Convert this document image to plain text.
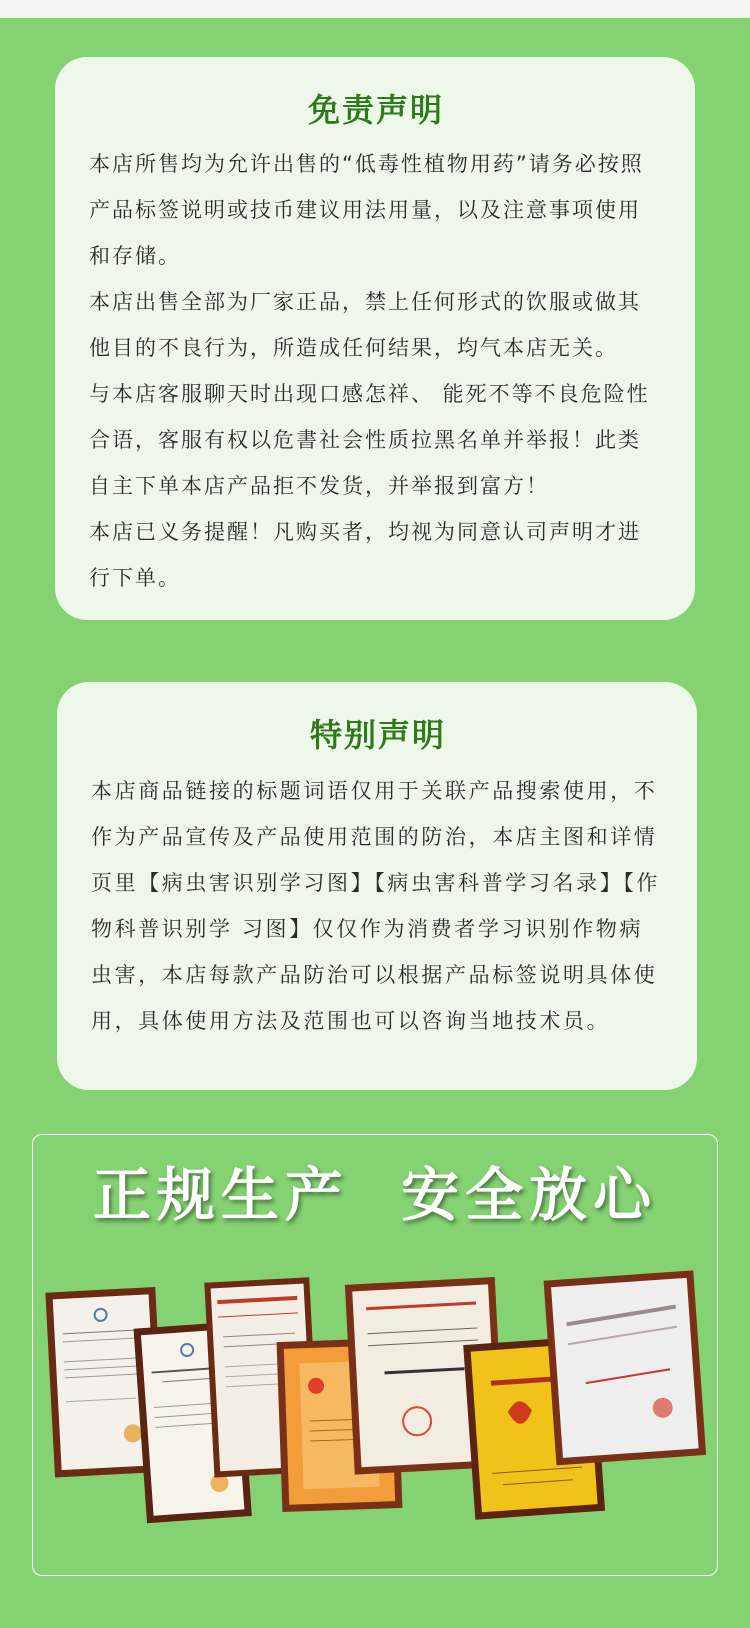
免责声明

本店所售均为允许出售的“低毒性植物用药”请务必按照产品标签说明或技币建议用法用量，以及注意事项使用和存储。

本店出售全部为厂家正品，禁上任何形式的饮服或做其他目的不良行为，所造成任何结果，均气本店无关。

与本店客服聊天时出现口感怎祥、 能死不等不良危险性合语，客服有权以危書社会性质拉黑名单并举报！此类自主下单本店产品拒不发货，并举报到富方！

本店已义务提醒！凡购买者，均视为同意认司声明才进行下单。

特别声明

本店商品链接的标题词语仅用于关联产品搜索使用，不作为产品宣传及产品使用范围的防治，本店主图和详情页里【病虫害识别学习图】【病虫害科普学习名录】【作物科普识别学 习图】仅仅作为消费者学习识别作物病虫害，本店每款产品防治可以根据产品标签说明具体使用，具体使用方法及范围也可以咨询当地技术员。

正规生产  安全放心
